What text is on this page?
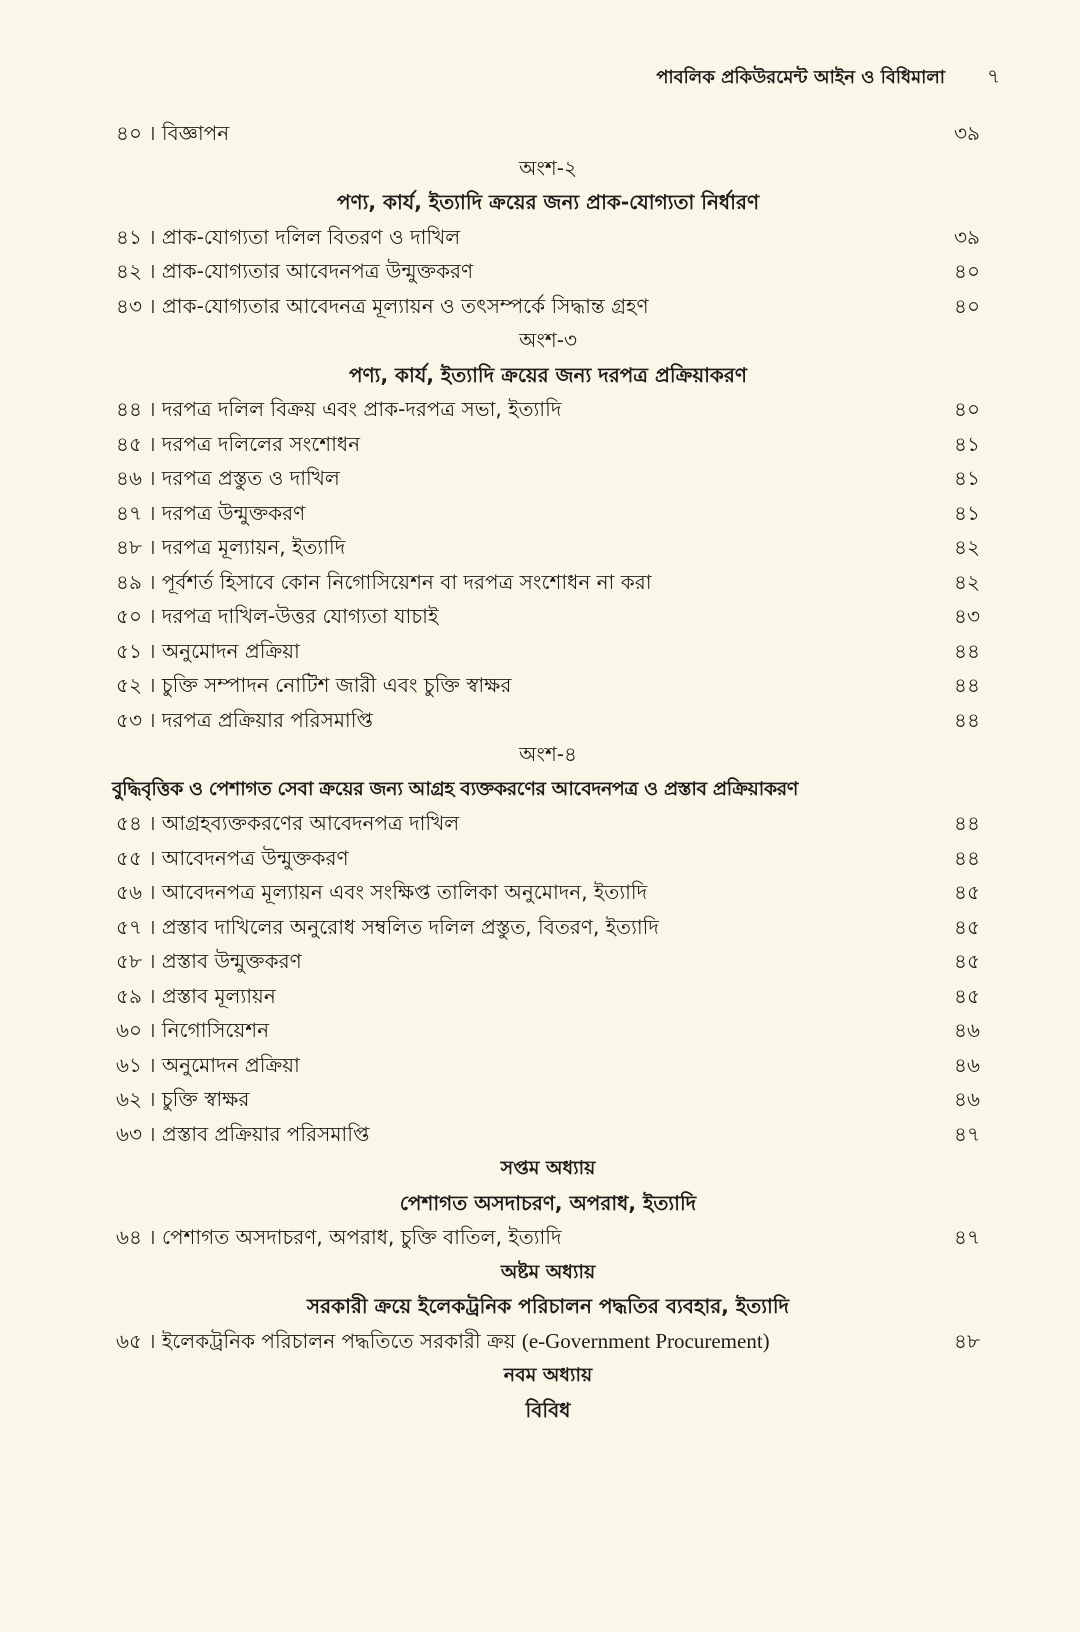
পাবলিক প্রকিউরমেন্ট আইন ও বিধিমালা ৭
৪০ । বিজ্ঞাপন	৩৯
অংশ-২
পণ্য, কার্য, ইত্যাদি ক্রয়ের জন্য প্রাক-যোগ্যতা নির্ধারণ
৪১ । প্রাক-যোগ্যতা দলিল বিতরণ ও দাখিল	৩৯
৪২ । প্রাক-যোগ্যতার আবেদনপত্র উন্মুক্তকরণ	৪০
৪৩ । প্রাক-যোগ্যতার আবেদনত্র মূল্যায়ন ও তৎসম্পর্কে সিদ্ধান্ত গ্রহণ	৪০
অংশ-৩
পণ্য, কার্য, ইত্যাদি ক্রয়ের জন্য দরপত্র প্রক্রিয়াকরণ
৪৪ । দরপত্র দলিল বিক্রয় এবং প্রাক-দরপত্র সভা, ইত্যাদি	৪০
৪৫ । দরপত্র দলিলের সংশোধন	৪১
৪৬ । দরপত্র প্রস্তুত ও দাখিল	৪১
৪৭ । দরপত্র উন্মুক্তকরণ	৪১
৪৮ । দরপত্র মূল্যায়ন, ইত্যাদি	৪২
৪৯ । পূর্বশর্ত হিসাবে কোন নিগোসিয়েশন বা দরপত্র সংশোধন না করা	৪২
৫০ । দরপত্র দাখিল-উত্তর যোগ্যতা যাচাই	৪৩
৫১ । অনুমোদন প্রক্রিয়া	৪৪
৫২ । চুক্তি সম্পাদন নোটিশ জারী এবং চুক্তি স্বাক্ষর	৪৪
৫৩ । দরপত্র প্রক্রিয়ার পরিসমাপ্তি	৪৪
অংশ-৪
বুদ্ধিবৃত্তিক ও পেশাগত সেবা ক্রয়ের জন্য আগ্রহ ব্যক্তকরণের আবেদনপত্র ও প্রস্তাব প্রক্রিয়াকরণ
৫৪ । আগ্রহব্যক্তকরণের আবেদনপত্র দাখিল	৪৪
৫৫ । আবেদনপত্র উন্মুক্তকরণ	৪৪
৫৬ । আবেদনপত্র মূল্যায়ন এবং সংক্ষিপ্ত তালিকা অনুমোদন, ইত্যাদি	৪৫
৫৭ । প্রস্তাব দাখিলের অনুরোধ সম্বলিত দলিল প্রস্তুত, বিতরণ, ইত্যাদি	৪৫
৫৮ । প্রস্তাব উন্মুক্তকরণ	৪৫
৫৯ । প্রস্তাব মূল্যায়ন	৪৫
৬০ । নিগোসিয়েশন	৪৬
৬১ । অনুমোদন প্রক্রিয়া	৪৬
৬২ । চুক্তি স্বাক্ষর	৪৬
৬৩ । প্রস্তাব প্রক্রিয়ার পরিসমাপ্তি	৪৭
সপ্তম অধ্যায়
পেশাগত অসদাচরণ, অপরাধ, ইত্যাদি
৬৪ । পেশাগত অসদাচরণ, অপরাধ, চুক্তি বাতিল, ইত্যাদি	৪৭
অষ্টম অধ্যায়
সরকারী ক্রয়ে ইলেকট্রনিক পরিচালন পদ্ধতির ব্যবহার, ইত্যাদি
৬৫ । ইলেকট্রনিক পরিচালন পদ্ধতিতে সরকারী ক্রয় (e-Government Procurement)	৪৮
নবম অধ্যায়
বিবিধ
